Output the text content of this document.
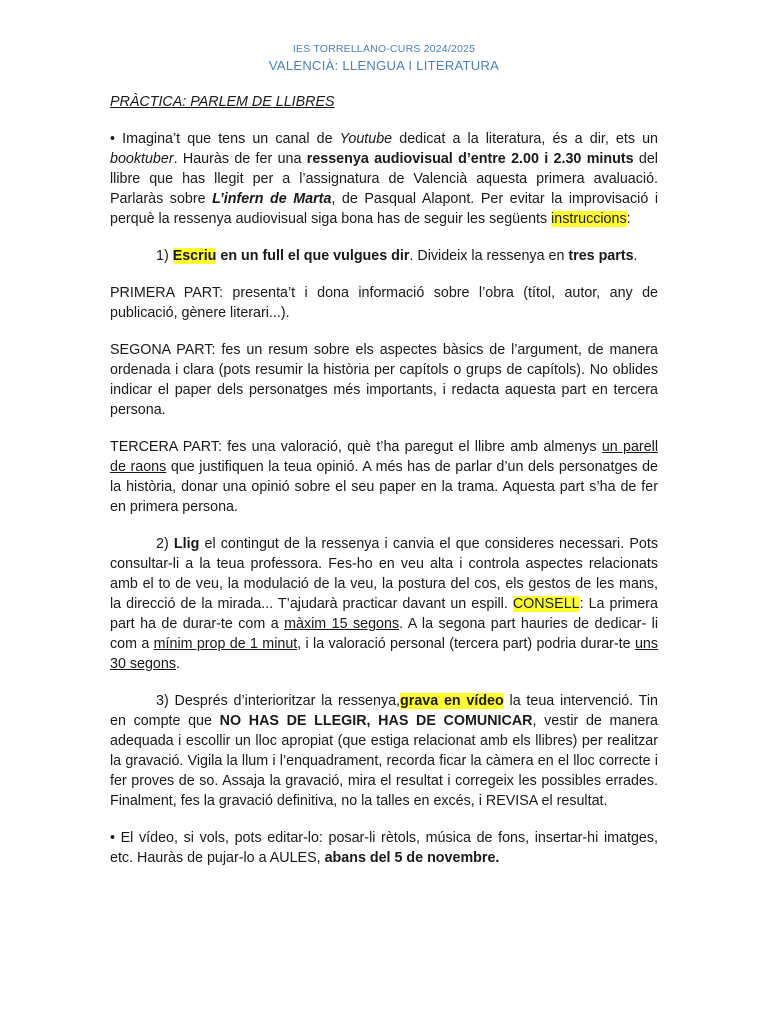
IES TORRELLANO-CURS 2024/2025
VALENCIÀ: LLENGUA I LITERATURA
PRÀCTICA: PARLEM DE LLIBRES

• Imagina’t que tens un canal de Youtube dedicat a la literatura, és a dir, ets un booktuber. Hauràs de fer una ressenya audiovisual d’entre 2.00 i 2.30 minuts del llibre que has llegit per a l’assignatura de Valencià aquesta primera avaluació. Parlaràs sobre L’infern de Marta, de Pasqual Alapont. Per evitar la improvisació i perquè la ressenya audiovisual siga bona has de seguir les següents instruccions:

1) Escriu en un full el que vulgues dir. Divideix la ressenya en tres parts.

PRIMERA PART: presenta’t i dona informació sobre l’obra (títol, autor, any de publicació, gènere literari...).

SEGONA PART: fes un resum sobre els aspectes bàsics de l’argument, de manera ordenada i clara (pots resumir la història per capítols o grups de capítols). No oblides indicar el paper dels personatges més importants, i redacta aquesta part en tercera persona.

TERCERA PART: fes una valoració, què t’ha paregut el llibre amb almenys un parell de raons que justifiquen la teua opinió. A més has de parlar d’un dels personatges de la història, donar una opinió sobre el seu paper en la trama. Aquesta part s’ha de fer en primera persona.

2) Llig el contingut de la ressenya i canvia el que consideres necessari. Pots consultar-li a la teua professora. Fes-ho en veu alta i controla aspectes relacionats amb el to de veu, la modulació de la veu, la postura del cos, els gestos de les mans, la direcció de la mirada... T’ajudarà practicar davant un espill. CONSELL: La primera part ha de durar-te com a màxim 15 segons. A la segona part hauries de dedicar- li com a mínim prop de 1 minut, i la valoració personal (tercera part) podria durar-te uns 30 segons.

3) Després d’interioritzar la ressenya,grava en vídeo la teua intervenció. Tin en compte que NO HAS DE LLEGIR, HAS DE COMUNICAR, vestir de manera adequada i escollir un lloc apropiat (que estiga relacionat amb els llibres) per realitzar la gravació. Vigila la llum i l’enquadrament, recorda ficar la càmera en el lloc correcte i fer proves de so. Assaja la gravació, mira el resultat i corregeix les possibles errades. Finalment, fes la gravació definitiva, no la talles en excés, i REVISA el resultat.

• El vídeo, si vols, pots editar-lo: posar-li rètols, música de fons, insertar-hi imatges, etc. Hauràs de pujar-lo a AULES, abans del 5 de novembre.
